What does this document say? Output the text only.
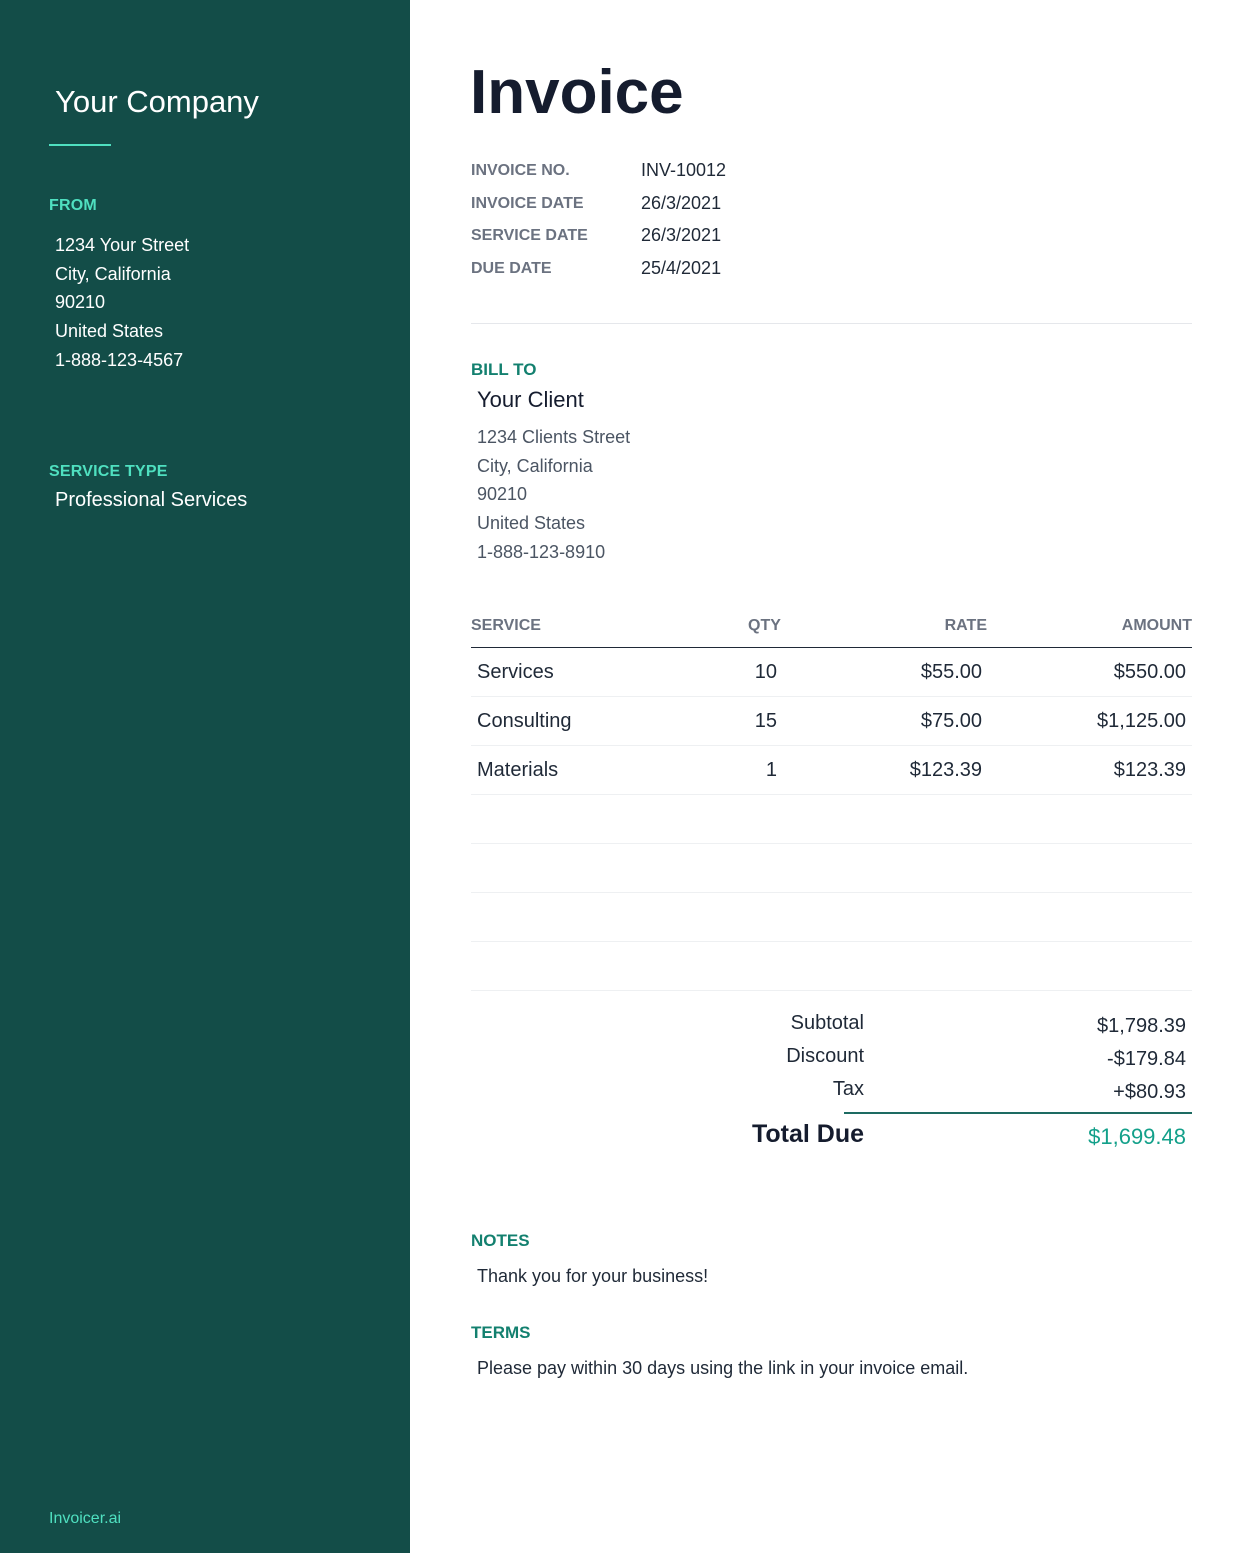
Your Company
FROM
1234 Your Street
City, California
90210
United States
1-888-123-4567
SERVICE TYPE
Professional Services
Invoicer.ai
Invoice
INVOICE NO.	INV-10012
INVOICE DATE	26/3/2021
SERVICE DATE	26/3/2021
DUE DATE	25/4/2021
BILL TO
Your Client
1234 Clients Street
City, California
90210
United States
1-888-123-8910
SERVICE	QTY	RATE	AMOUNT
Services	10	$55.00	$550.00
Consulting	15	$75.00	$1,125.00
Materials	1	$123.39	$123.39
Subtotal	$1,798.39
Discount	-$179.84
Tax	+$80.93
Total Due	$1,699.48
NOTES
Thank you for your business!
TERMS
Please pay within 30 days using the link in your invoice email.
